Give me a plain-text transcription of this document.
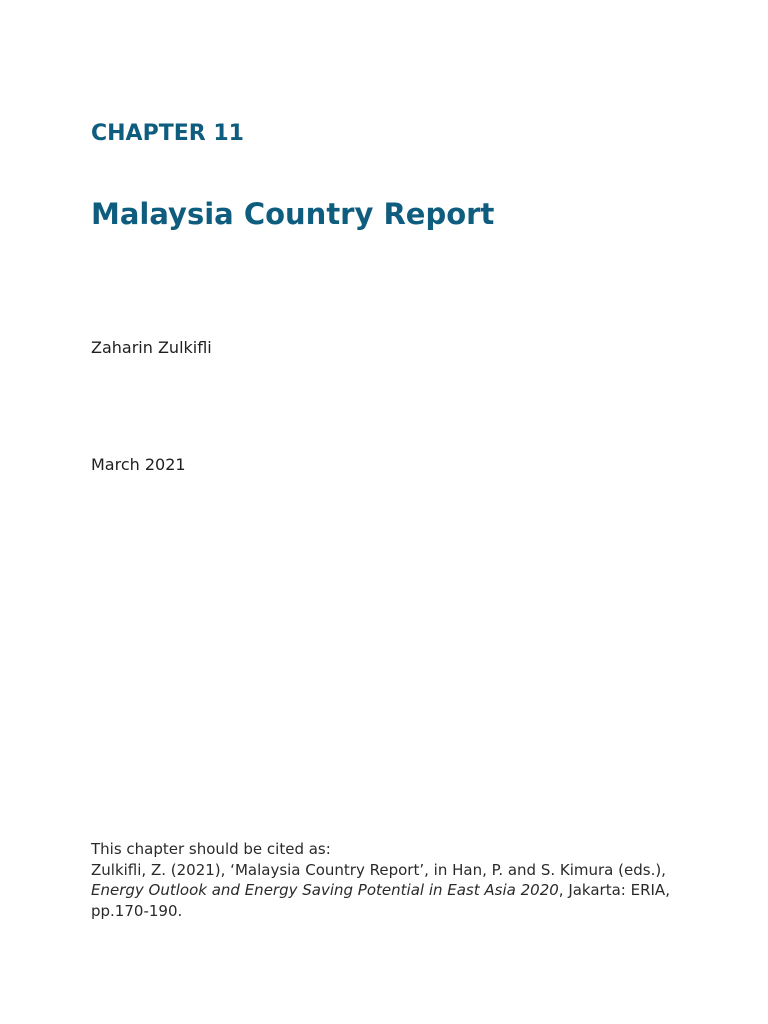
CHAPTER 11
Malaysia Country Report
Zaharin Zulkifli
March 2021
This chapter should be cited as:
Zulkifli, Z. (2021), ‘Malaysia Country Report’, in Han, P. and S. Kimura (eds.),
Energy Outlook and Energy Saving Potential in East Asia 2020, Jakarta: ERIA,
pp.170-190.
